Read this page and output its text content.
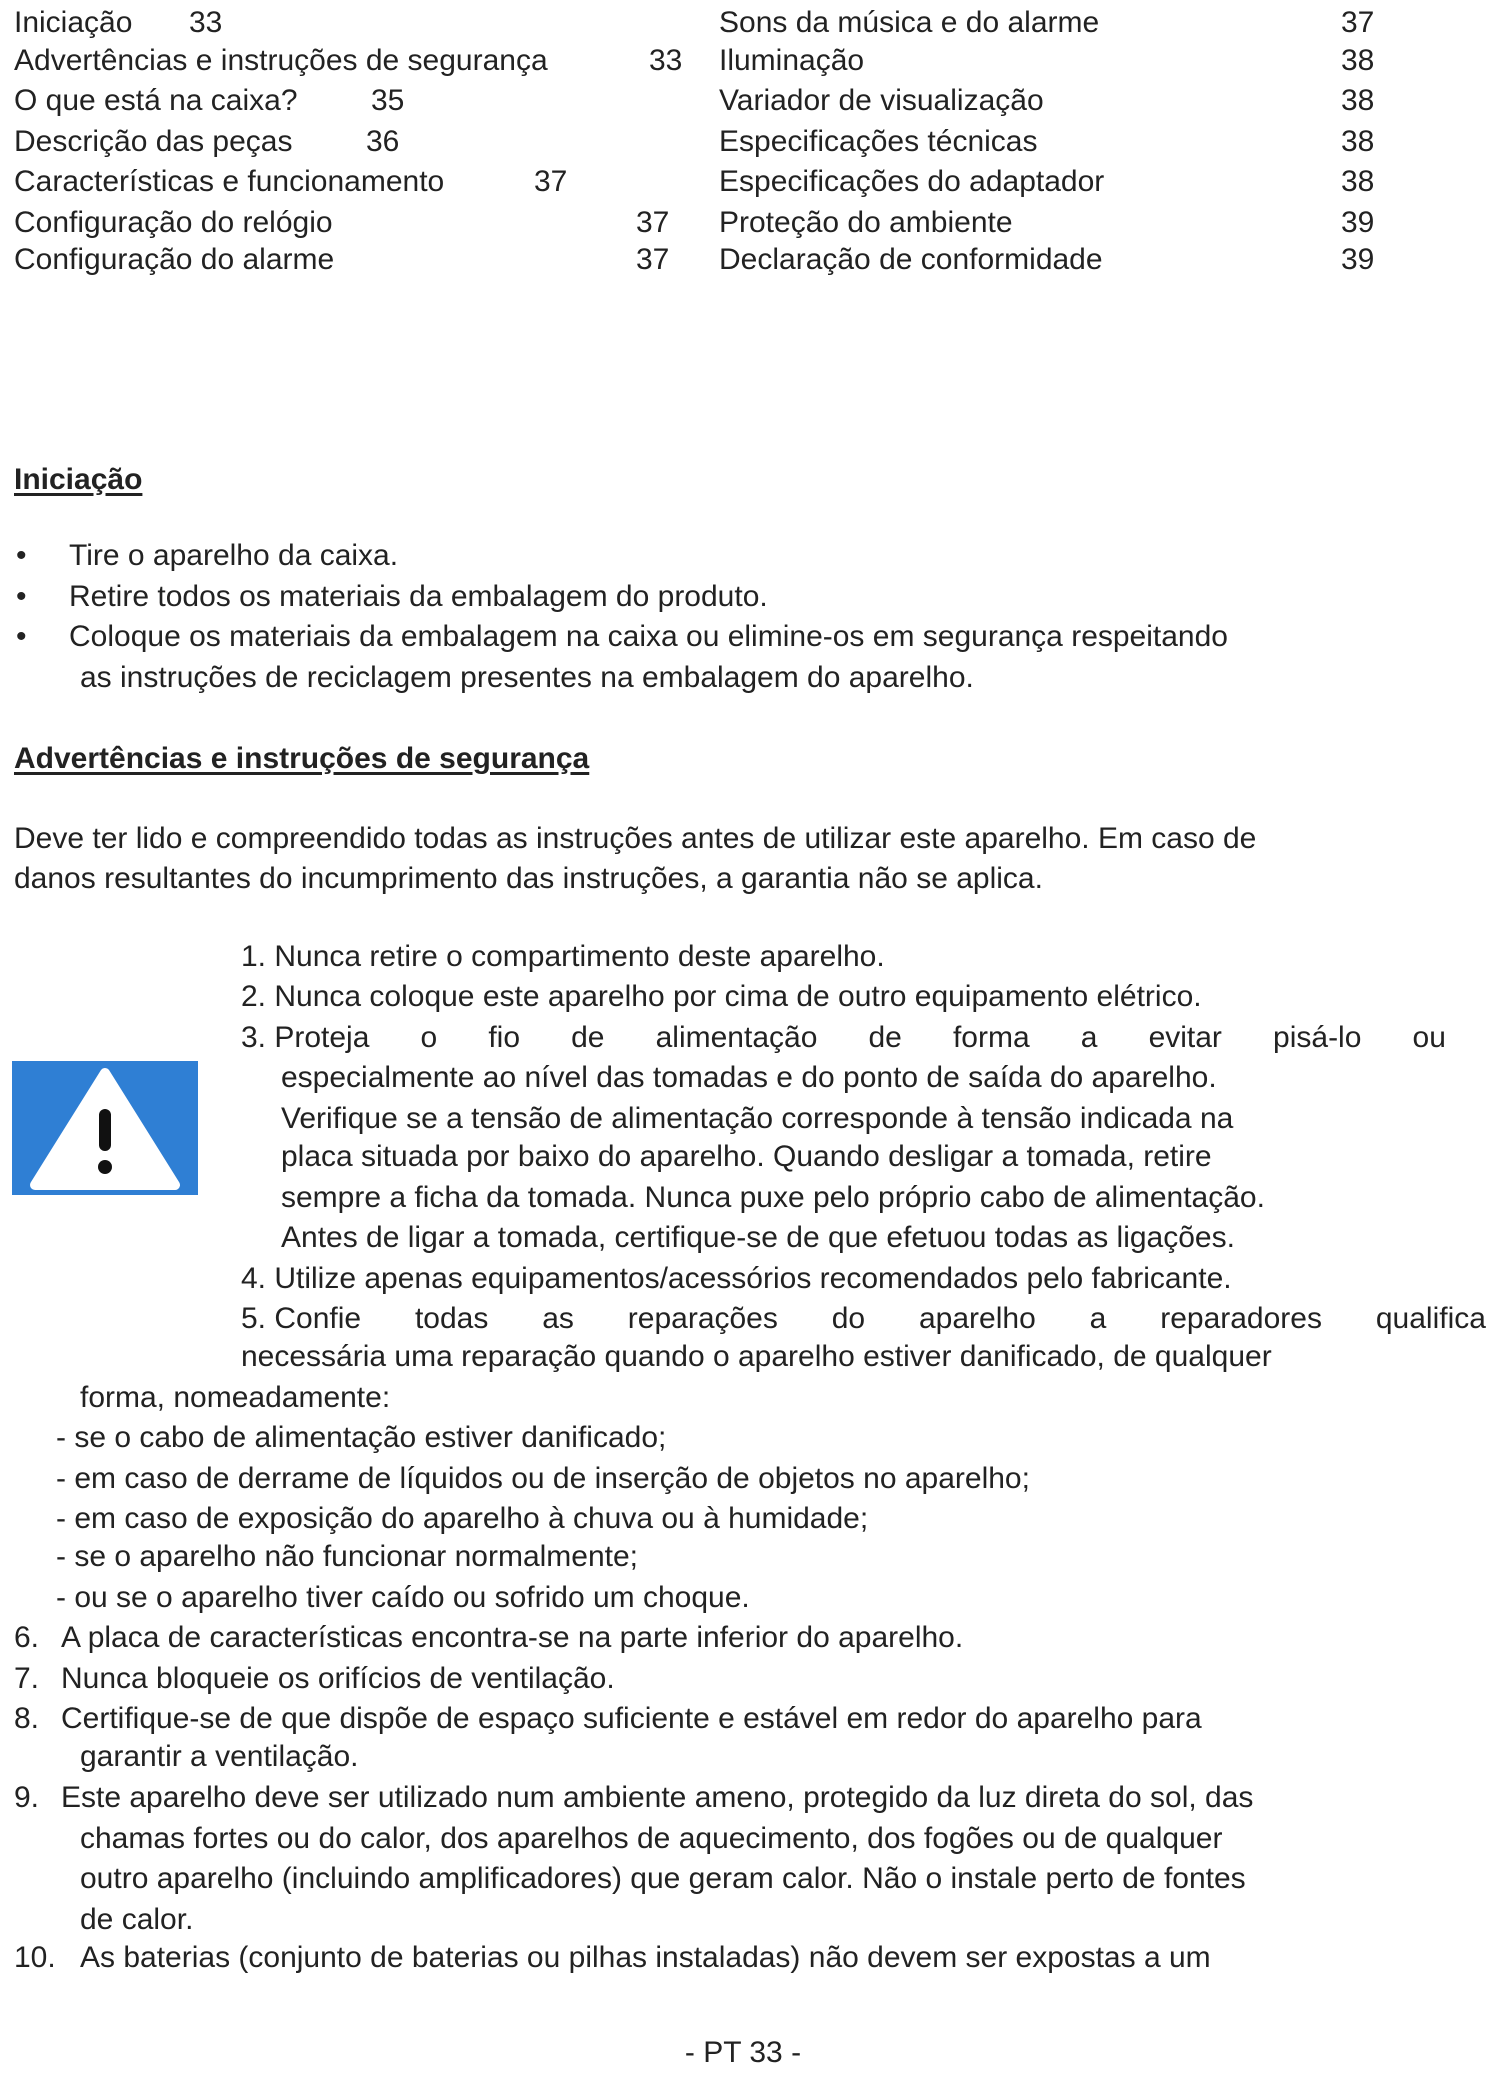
Iniciação 33
Advertências e instruções de segurança	33
O que está na caixa? 35
Descrição das peças 36
Características e funcionamento	37
Configuração do relógio	37
Configuração do alarme	37
Sons da música e do alarme	37
Iluminação	38
Variador de visualização	38
Especificações técnicas	38
Especificações do adaptador	38
Proteção do ambiente	39
Declaração de conformidade	39
Iniciação
• Tire o aparelho da caixa.
• Retire todos os materiais da embalagem do produto.
• Coloque os materiais da embalagem na caixa ou elimine-os em segurança respeitando
as instruções de reciclagem presentes na embalagem do aparelho.
Advertências e instruções de segurança
Deve ter lido e compreendido todas as instruções antes de utilizar este aparelho. Em caso de
danos resultantes do incumprimento das instruções, a garantia não se aplica.
1. Nunca retire o compartimento deste aparelho.
2. Nunca coloque este aparelho por cima de outro equipamento elétrico.
3. Proteja o fio de alimentação de forma a evitar pisá-lo ou
especialmente ao nível das tomadas e do ponto de saída do aparelho.
Verifique se a tensão de alimentação corresponde à tensão indicada na
placa situada por baixo do aparelho. Quando desligar a tomada, retire
sempre a ficha da tomada. Nunca puxe pelo próprio cabo de alimentação.
Antes de ligar a tomada, certifique-se de que efetuou todas as ligações.
4. Utilize apenas equipamentos/acessórios recomendados pelo fabricante.
5. Confie todas as reparações do aparelho a reparadores qualifica
necessária uma reparação quando o aparelho estiver danificado, de qualquer
forma, nomeadamente:
- se o cabo de alimentação estiver danificado;
- em caso de derrame de líquidos ou de inserção de objetos no aparelho;
- em caso de exposição do aparelho à chuva ou à humidade;
- se o aparelho não funcionar normalmente;
- ou se o aparelho tiver caído ou sofrido um choque.
6. A placa de características encontra-se na parte inferior do aparelho.
7. Nunca bloqueie os orifícios de ventilação.
8. Certifique-se de que dispõe de espaço suficiente e estável em redor do aparelho para
garantir a ventilação.
9. Este aparelho deve ser utilizado num ambiente ameno, protegido da luz direta do sol, das
chamas fortes ou do calor, dos aparelhos de aquecimento, dos fogões ou de qualquer
outro aparelho (incluindo amplificadores) que geram calor. Não o instale perto de fontes
de calor.
10. As baterias (conjunto de baterias ou pilhas instaladas) não devem ser expostas a um
- PT 33 -
